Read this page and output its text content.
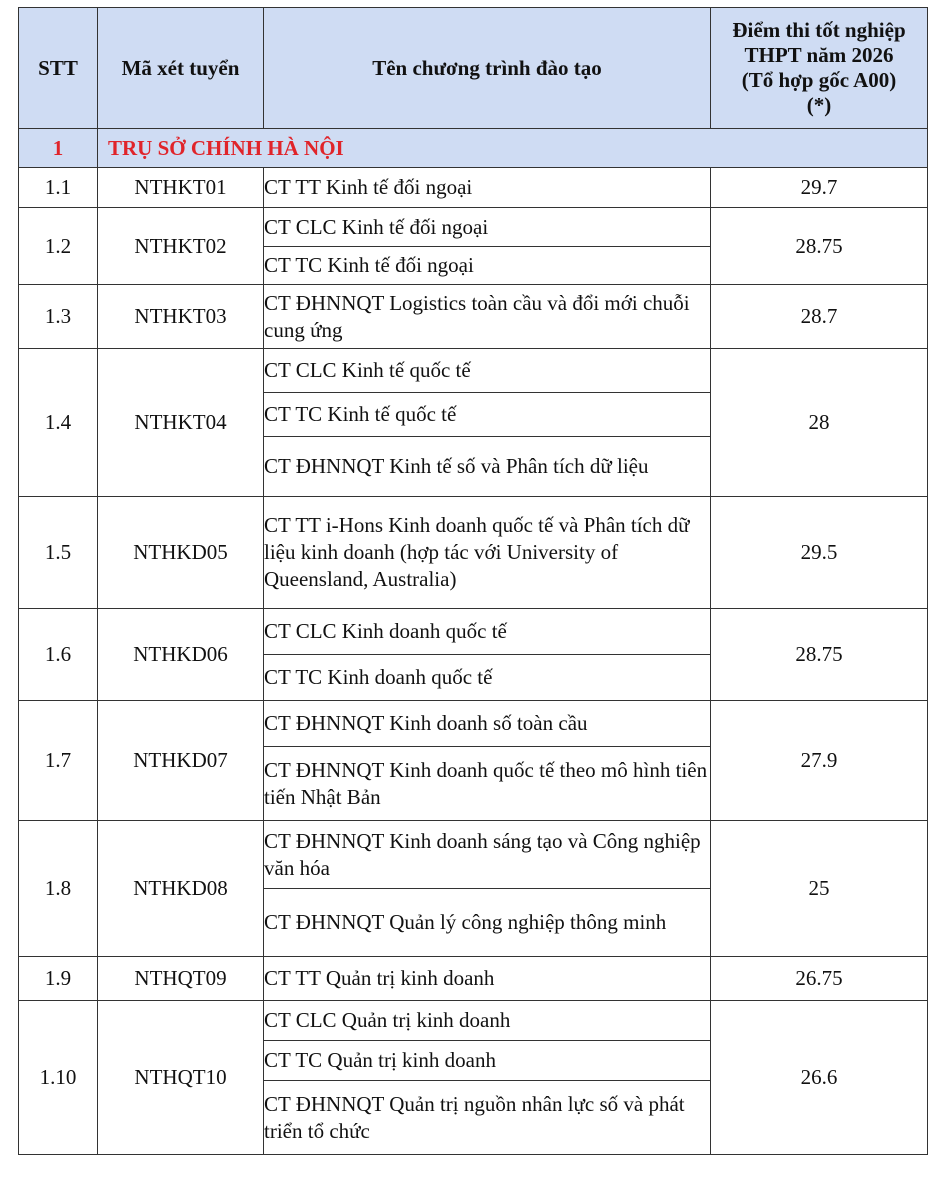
STT	Mã xét tuyển	Tên chương trình đào tạo	Điểm thi tốt nghiệp
THPT năm 2026
(Tổ hợp gốc A00)
(*)

1	TRỤ SỞ CHÍNH HÀ NỘI		
1.1	NTHKT01	CT TT Kinh tế đối ngoại	29.7
1.2	NTHKT02	CT CLC Kinh tế đối ngoại	28.75
		CT TC Kinh tế đối ngoại	
1.3	NTHKT03	CT ĐHNNQT Logistics toàn cầu và đổi mới chuỗi cung ứng	28.7
1.4	NTHKT04	CT CLC Kinh tế quốc tế	28
		CT TC Kinh tế quốc tế	
		CT ĐHNNQT Kinh tế số và Phân tích dữ liệu	
1.5	NTHKD05	CT TT i-Hons Kinh doanh quốc tế và Phân tích dữ liệu kinh doanh (hợp tác với University of Queensland, Australia)	29.5
1.6	NTHKD06	CT CLC Kinh doanh quốc tế	28.75
		CT TC Kinh doanh quốc tế	
1.7	NTHKD07	CT ĐHNNQT Kinh doanh số toàn cầu	27.9
		CT ĐHNNQT Kinh doanh quốc tế theo mô hình tiên tiến Nhật Bản	
1.8	NTHKD08	CT ĐHNNQT Kinh doanh sáng tạo và Công nghiệp văn hóa	25
		CT ĐHNNQT Quản lý công nghiệp thông minh	
1.9	NTHQT09	CT TT Quản trị kinh doanh	26.75
1.10	NTHQT10	CT CLC Quản trị kinh doanh	26.6
		CT TC Quản trị kinh doanh	
		CT ĐHNNQT Quản trị nguồn nhân lực số và phát triển tổ chức	
